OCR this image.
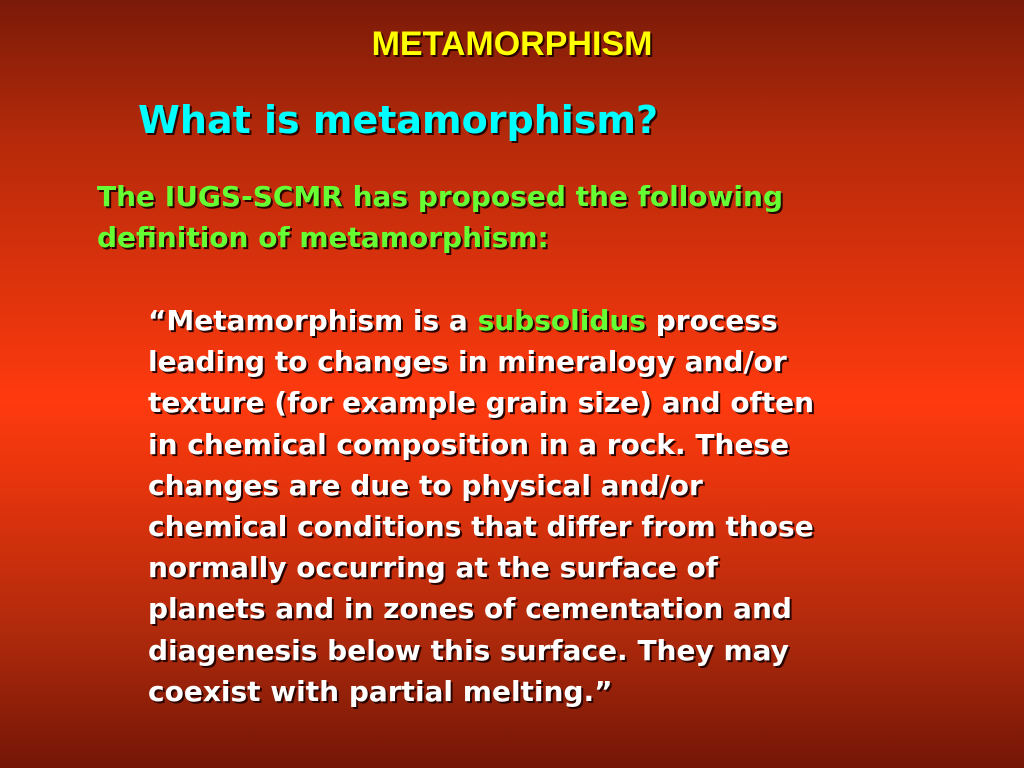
METAMORPHISM
What is metamorphism?
The IUGS-SCMR has proposed the following
definition of metamorphism:
“Metamorphism is a subsolidus process
leading to changes in mineralogy and/or
texture (for example grain size) and often
in chemical composition in a rock. These
changes are due to physical and/or
chemical conditions that differ from those
normally occurring at the surface of
planets and in zones of cementation and
diagenesis below this surface. They may
coexist with partial melting.”
